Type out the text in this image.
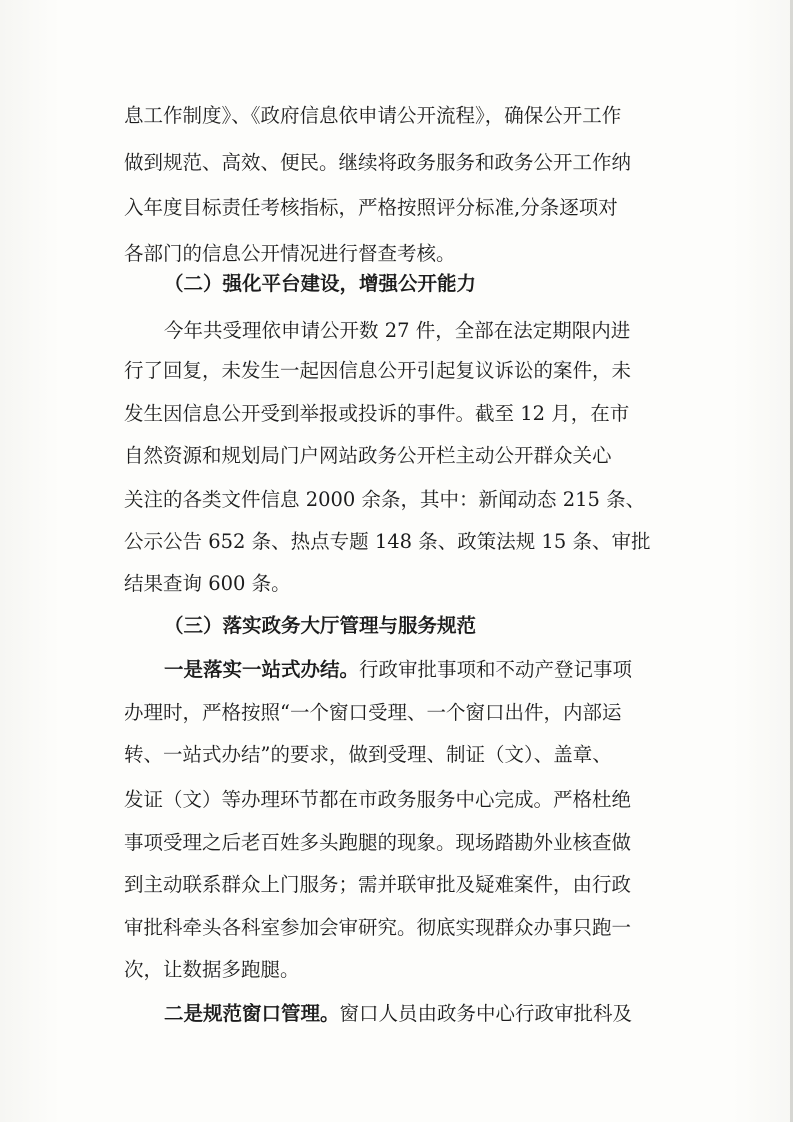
息工作制度》、《政府信息依申请公开流程》，确保公开工作
做到规范、高效、便民。继续将政务服务和政务公开工作纳
入年度目标责任考核指标，严格按照评分标准,分条逐项对
各部门的信息公开情况进行督查考核。
（二）强化平台建设，增强公开能力
今年共受理依申请公开数 27 件，全部在法定期限内进
行了回复，未发生一起因信息公开引起复议诉讼的案件，未
发生因信息公开受到举报或投诉的事件。截至 12 月，在市
自然资源和规划局门户网站政务公开栏主动公开群众关心
关注的各类文件信息 2000 余条，其中：新闻动态 215 条、
公示公告 652 条、热点专题 148 条、政策法规 15 条、审批
结果查询 600 条。
（三）落实政务大厅管理与服务规范
一是落实一站式办结。行政审批事项和不动产登记事项
办理时，严格按照“一个窗口受理、一个窗口出件，内部运
转、一站式办结”的要求，做到受理、制证（文）、盖章、
发证（文）等办理环节都在市政务服务中心完成。严格杜绝
事项受理之后老百姓多头跑腿的现象。现场踏勘外业核查做
到主动联系群众上门服务；需并联审批及疑难案件，由行政
审批科牵头各科室参加会审研究。彻底实现群众办事只跑一
次，让数据多跑腿。
二是规范窗口管理。窗口人员由政务中心行政审批科及
